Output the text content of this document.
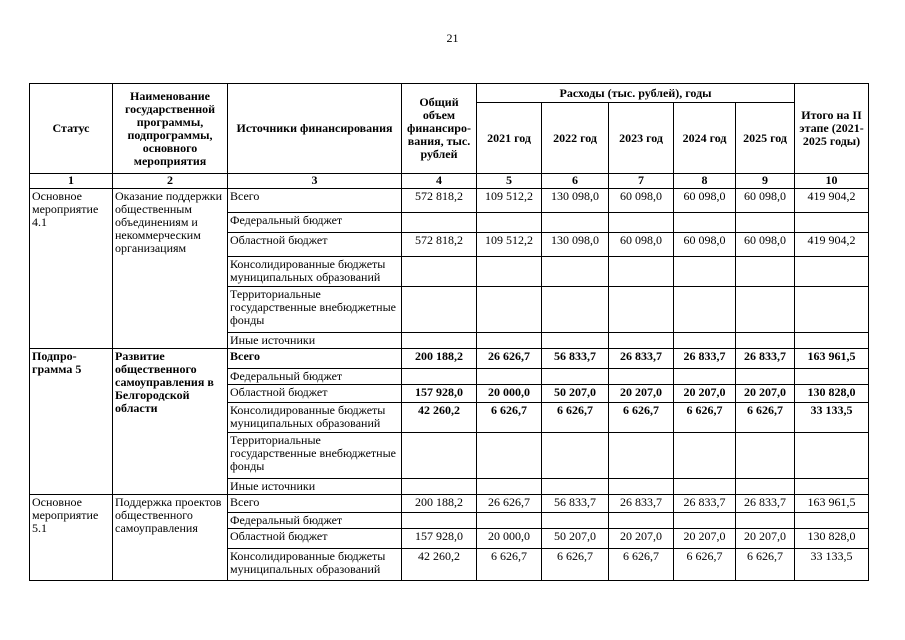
21
Статус	Наименование государственной программы, подпрограммы, основного мероприятия	Источники финансирования	Общий объем финансиро-вания, тыс. рублей	Расходы (тыс. рублей), годы					Итого на II этапе (2021-2025 годы)
				2021 год	2022 год	2023 год	2024 год	2025 год	
1	2	3	4	5	6	7	8	9	10
Основное мероприятие 4.1	Оказание поддержки общественным объединениям и некоммерческим организациям	Всего	572 818,2	109 512,2	130 098,0	60 098,0	60 098,0	60 098,0	419 904,2
		Федеральный бюджет							
		Областной бюджет	572 818,2	109 512,2	130 098,0	60 098,0	60 098,0	60 098,0	419 904,2
		Консолидированные бюджеты муниципальных образований							
		Территориальные государственные внебюджетные фонды							
		Иные источники							
Подпро-грамма 5	Развитие общественного самоуправления в Белгородской области	Всего	200 188,2	26 626,7	56 833,7	26 833,7	26 833,7	26 833,7	163 961,5
		Федеральный бюджет							
		Областной бюджет	157 928,0	20 000,0	50 207,0	20 207,0	20 207,0	20 207,0	130 828,0
		Консолидированные бюджеты муниципальных образований	42 260,2	6 626,7	6 626,7	6 626,7	6 626,7	6 626,7	33 133,5
		Территориальные государственные внебюджетные фонды							
		Иные источники							
Основное мероприятие 5.1	Поддержка проектов общественного самоуправления	Всего	200 188,2	26 626,7	56 833,7	26 833,7	26 833,7	26 833,7	163 961,5
		Федеральный бюджет							
		Областной бюджет	157 928,0	20 000,0	50 207,0	20 207,0	20 207,0	20 207,0	130 828,0
		Консолидированные бюджеты муниципальных образований	42 260,2	6 626,7	6 626,7	6 626,7	6 626,7	6 626,7	33 133,5
